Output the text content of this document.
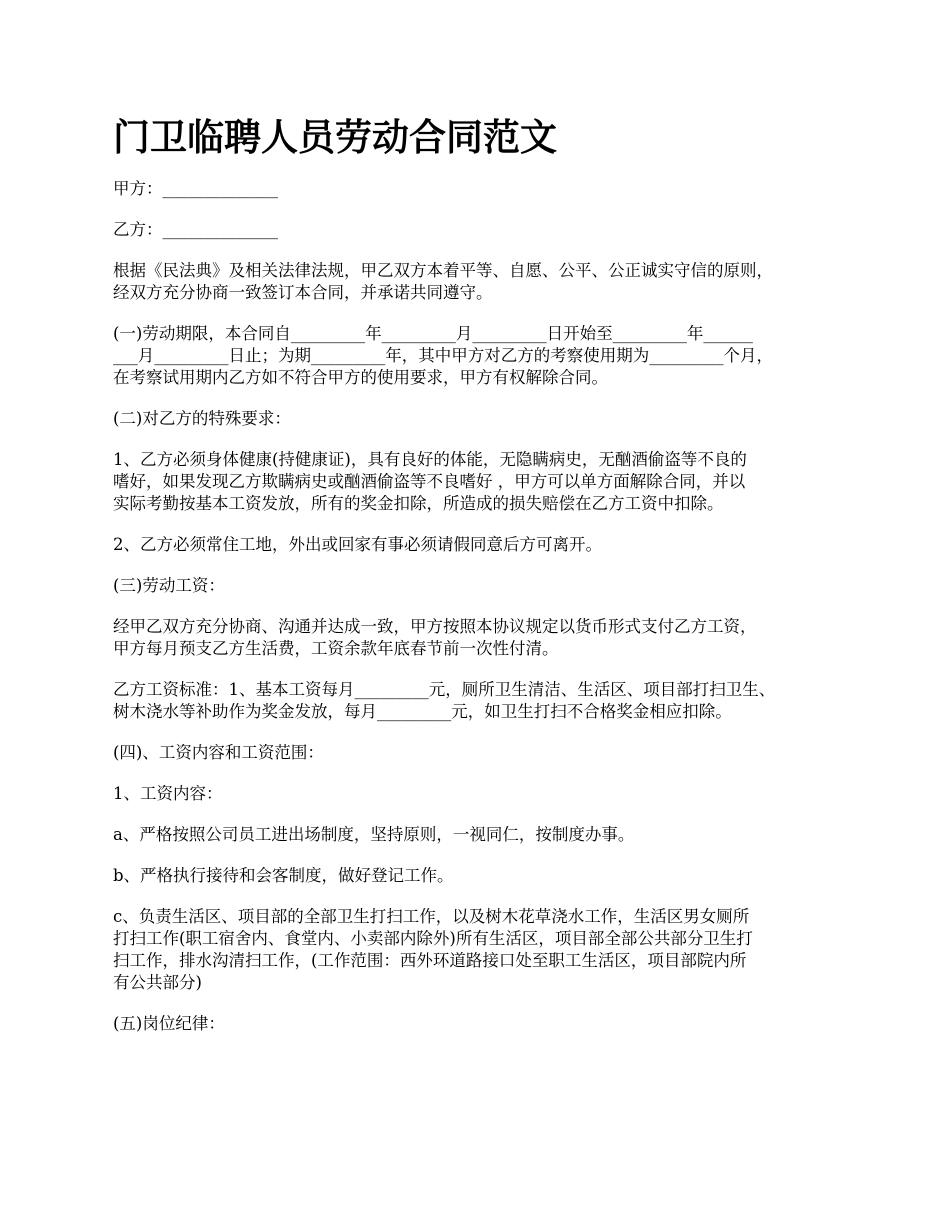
门卫临聘人员劳动合同范文

甲方：______________

乙方：______________

根据《民法典》及相关法律法规，甲乙双方本着平等、自愿、公平、公正诚实守信的原则，
经双方充分协商一致签订本合同，并承诺共同遵守。

(一)劳动期限，本合同自_________年_________月_________日开始至_________年______
___月_________日止；为期_________年，其中甲方对乙方的考察使用期为_________个月，
在考察试用期内乙方如不符合甲方的使用要求，甲方有权解除合同。

(二)对乙方的特殊要求：

1、乙方必须身体健康(持健康证)，具有良好的体能，无隐瞒病史，无酗酒偷盗等不良的
嗜好，如果发现乙方欺瞒病史或酗酒偷盗等不良嗜好 ，甲方可以单方面解除合同，并以
实际考勤按基本工资发放，所有的奖金扣除，所造成的损失赔偿在乙方工资中扣除。

2、乙方必须常住工地，外出或回家有事必须请假同意后方可离开。

(三)劳动工资：

经甲乙双方充分协商、沟通并达成一致，甲方按照本协议规定以货币形式支付乙方工资，
甲方每月预支乙方生活费，工资余款年底春节前一次性付清。

乙方工资标准：1、基本工资每月_________元，厕所卫生清洁、生活区、项目部打扫卫生、
树木浇水等补助作为奖金发放，每月_________元，如卫生打扫不合格奖金相应扣除。

(四)、工资内容和工资范围：

1、工资内容：

a、严格按照公司员工进出场制度，坚持原则，一视同仁，按制度办事。

b、严格执行接待和会客制度，做好登记工作。

c、负责生活区、项目部的全部卫生打扫工作，以及树木花草浇水工作，生活区男女厕所
打扫工作(职工宿舍内、食堂内、小卖部内除外)所有生活区，项目部全部公共部分卫生打
扫工作，排水沟清扫工作，(工作范围：西外环道路接口处至职工生活区，项目部院内所
有公共部分)

(五)岗位纪律：
